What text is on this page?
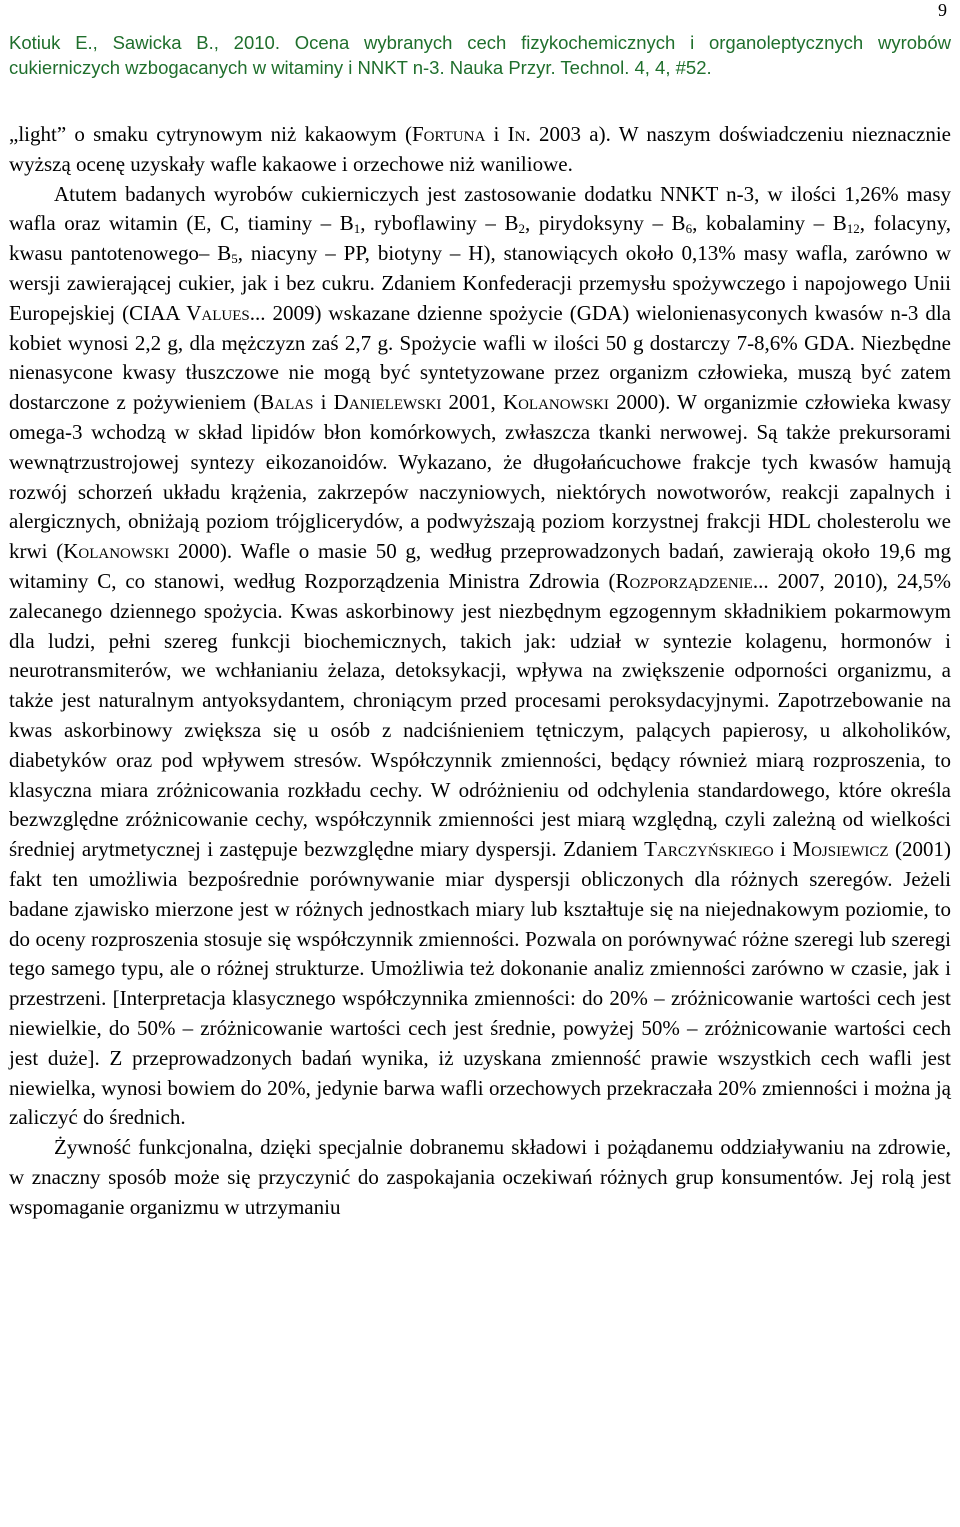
9
Kotiuk E., Sawicka B., 2010. Ocena wybranych cech fizykochemicznych i organoleptycznych wyrobów cukierniczych wzbogacanych w witaminy i NNKT n-3. Nauka Przyr. Technol. 4, 4, #52.

„light” o smaku cytrynowym niż kakaowym (Fortuna i In. 2003 a). W naszym doświadczeniu nieznacznie wyższą ocenę uzyskały wafle kakaowe i orzechowe niż waniliowe.

Atutem badanych wyrobów cukierniczych jest zastosowanie dodatku NNKT n-3, w ilości 1,26% masy wafla oraz witamin (E, C, tiaminy – $B_1$, ryboflawiny – $B_2$, pirydoksyny – $B_6$, kobalaminy – $B_{12}$, folacyny, kwasu pantotenowego– $B_5$, niacyny – PP, biotyny – H), stanowiących około 0,13% masy wafla, zarówno w wersji zawierającej cukier, jak i bez cukru. Zdaniem Konfederacji przemysłu spożywczego i napojowego Unii Europejskiej (CIAA Values... 2009) wskazane dzienne spożycie (GDA) wielonienasyconych kwasów n-3 dla kobiet wynosi 2,2 g, dla mężczyzn zaś 2,7 g. Spożycie wafli w ilości 50 g dostarczy 7-8,6% GDA. Niezbędne nienasycone kwasy tłuszczowe nie mogą być syntetyzowane przez organizm człowieka, muszą być zatem dostarczone z pożywieniem (Balas i Danielewski 2001, Kolanowski 2000). W organizmie człowieka kwasy omega-3 wchodzą w skład lipidów błon komórkowych, zwłaszcza tkanki nerwowej. Są także prekursorami wewnątrzustrojowej syntezy eikozanoidów. Wykazano, że długołańcuchowe frakcje tych kwasów hamują rozwój schorzeń układu krążenia, zakrzepów naczyniowych, niektórych nowotworów, reakcji zapalnych i alergicznych, obniżają poziom trójglicerydów, a podwyższają poziom korzystnej frakcji HDL cholesterolu we krwi (Kolanowski 2000). Wafle o masie 50 g, według przeprowadzonych badań, zawierają około 19,6 mg witaminy C, co stanowi, według Rozporządzenia Ministra Zdrowia (Rozporządzenie... 2007, 2010), 24,5% zalecanego dziennego spożycia. Kwas askorbinowy jest niezbędnym egzogennym składnikiem pokarmowym dla ludzi, pełni szereg funkcji biochemicznych, takich jak: udział w syntezie kolagenu, hormonów i neurotransmiterów, we wchłanianiu żelaza, detoksykacji, wpływa na zwiększenie odporności organizmu, a także jest naturalnym antyoksydantem, chroniącym przed procesami peroksydacyjnymi. Zapotrzebowanie na kwas askorbinowy zwiększa się u osób z nadciśnieniem tętniczym, palących papierosy, u alkoholików, diabetyków oraz pod wpływem stresów. Współczynnik zmienności, będący również miarą rozproszenia, to klasyczna miara zróżnicowania rozkładu cechy. W odróżnieniu od odchylenia standardowego, które określa bezwzględne zróżnicowanie cechy, współczynnik zmienności jest miarą względną, czyli zależną od wielkości średniej arytmetycznej i zastępuje bezwzględne miary dyspersji. Zdaniem Tarczyńskiego i Mojsiewicz (2001) fakt ten umożliwia bezpośrednie porównywanie miar dyspersji obliczonych dla różnych szeregów. Jeżeli badane zjawisko mierzone jest w różnych jednostkach miary lub kształtuje się na niejednakowym poziomie, to do oceny rozproszenia stosuje się współczynnik zmienności. Pozwala on porównywać różne szeregi lub szeregi tego samego typu, ale o różnej strukturze. Umożliwia też dokonanie analiz zmienności zarówno w czasie, jak i przestrzeni. [Interpretacja klasycznego współczynnika zmienności: do 20% – zróżnicowanie wartości cech jest niewielkie, do 50% – zróżnicowanie wartości cech jest średnie, powyżej 50% – zróżnicowanie wartości cech jest duże]. Z przeprowadzonych badań wynika, iż uzyskana zmienność prawie wszystkich cech wafli jest niewielka, wynosi bowiem do 20%, jedynie barwa wafli orzechowych przekraczała 20% zmienności i można ją zaliczyć do średnich.

Żywność funkcjonalna, dzięki specjalnie dobranemu składowi i pożądanemu oddziaływaniu na zdrowie, w znaczny sposób może się przyczynić do zaspokajania oczekiwań różnych grup konsumentów. Jej rolą jest wspomaganie organizmu w utrzymaniu
